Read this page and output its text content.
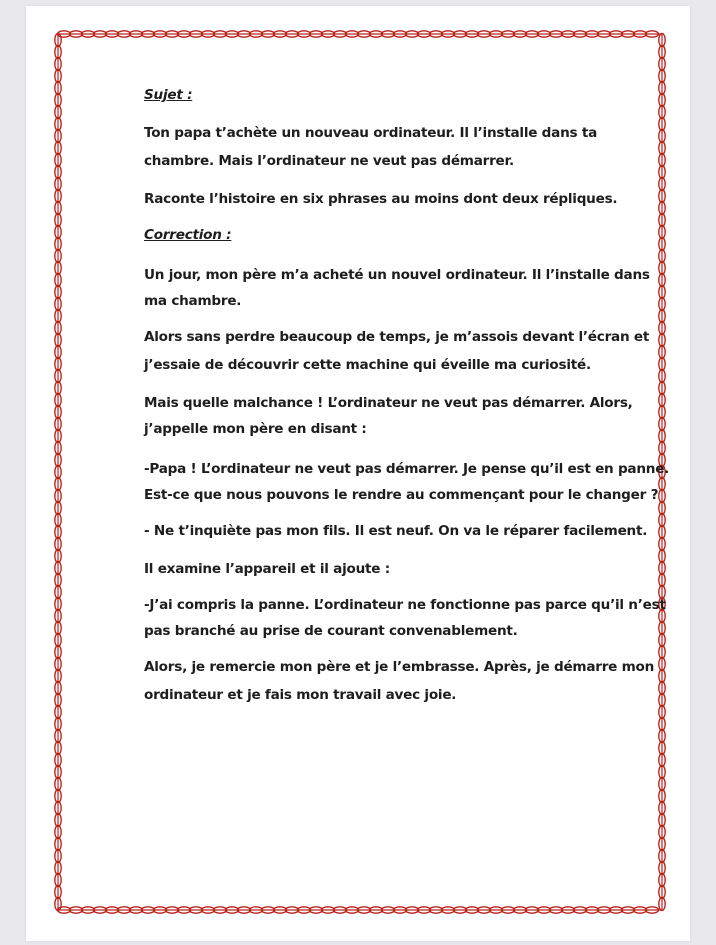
Sujet :
Ton papa t’achète un nouveau ordinateur. Il l’installe dans ta
chambre. Mais l’ordinateur ne veut pas démarrer.
Raconte l’histoire en six phrases au moins dont deux répliques.
Correction :
Un jour, mon père m’a acheté un nouvel ordinateur. Il l’installe dans
ma chambre.
Alors sans perdre beaucoup de temps, je m’assois devant l’écran et
j’essaie de découvrir cette machine qui éveille ma curiosité.
Mais quelle malchance ! L’ordinateur ne veut pas démarrer. Alors,
j’appelle mon père en disant :
-Papa ! L’ordinateur ne veut pas démarrer. Je pense qu’il est en panne.
Est-ce que nous pouvons le rendre au commençant pour le changer ?
- Ne t’inquiète pas mon fils. Il est neuf. On va le réparer facilement.
Il examine l’appareil et il ajoute :
-J’ai compris la panne. L’ordinateur ne fonctionne pas parce qu’il n’est
pas branché au prise de courant convenablement.
Alors, je remercie mon père et je l’embrasse. Après, je démarre mon
ordinateur et je fais mon travail avec joie.
